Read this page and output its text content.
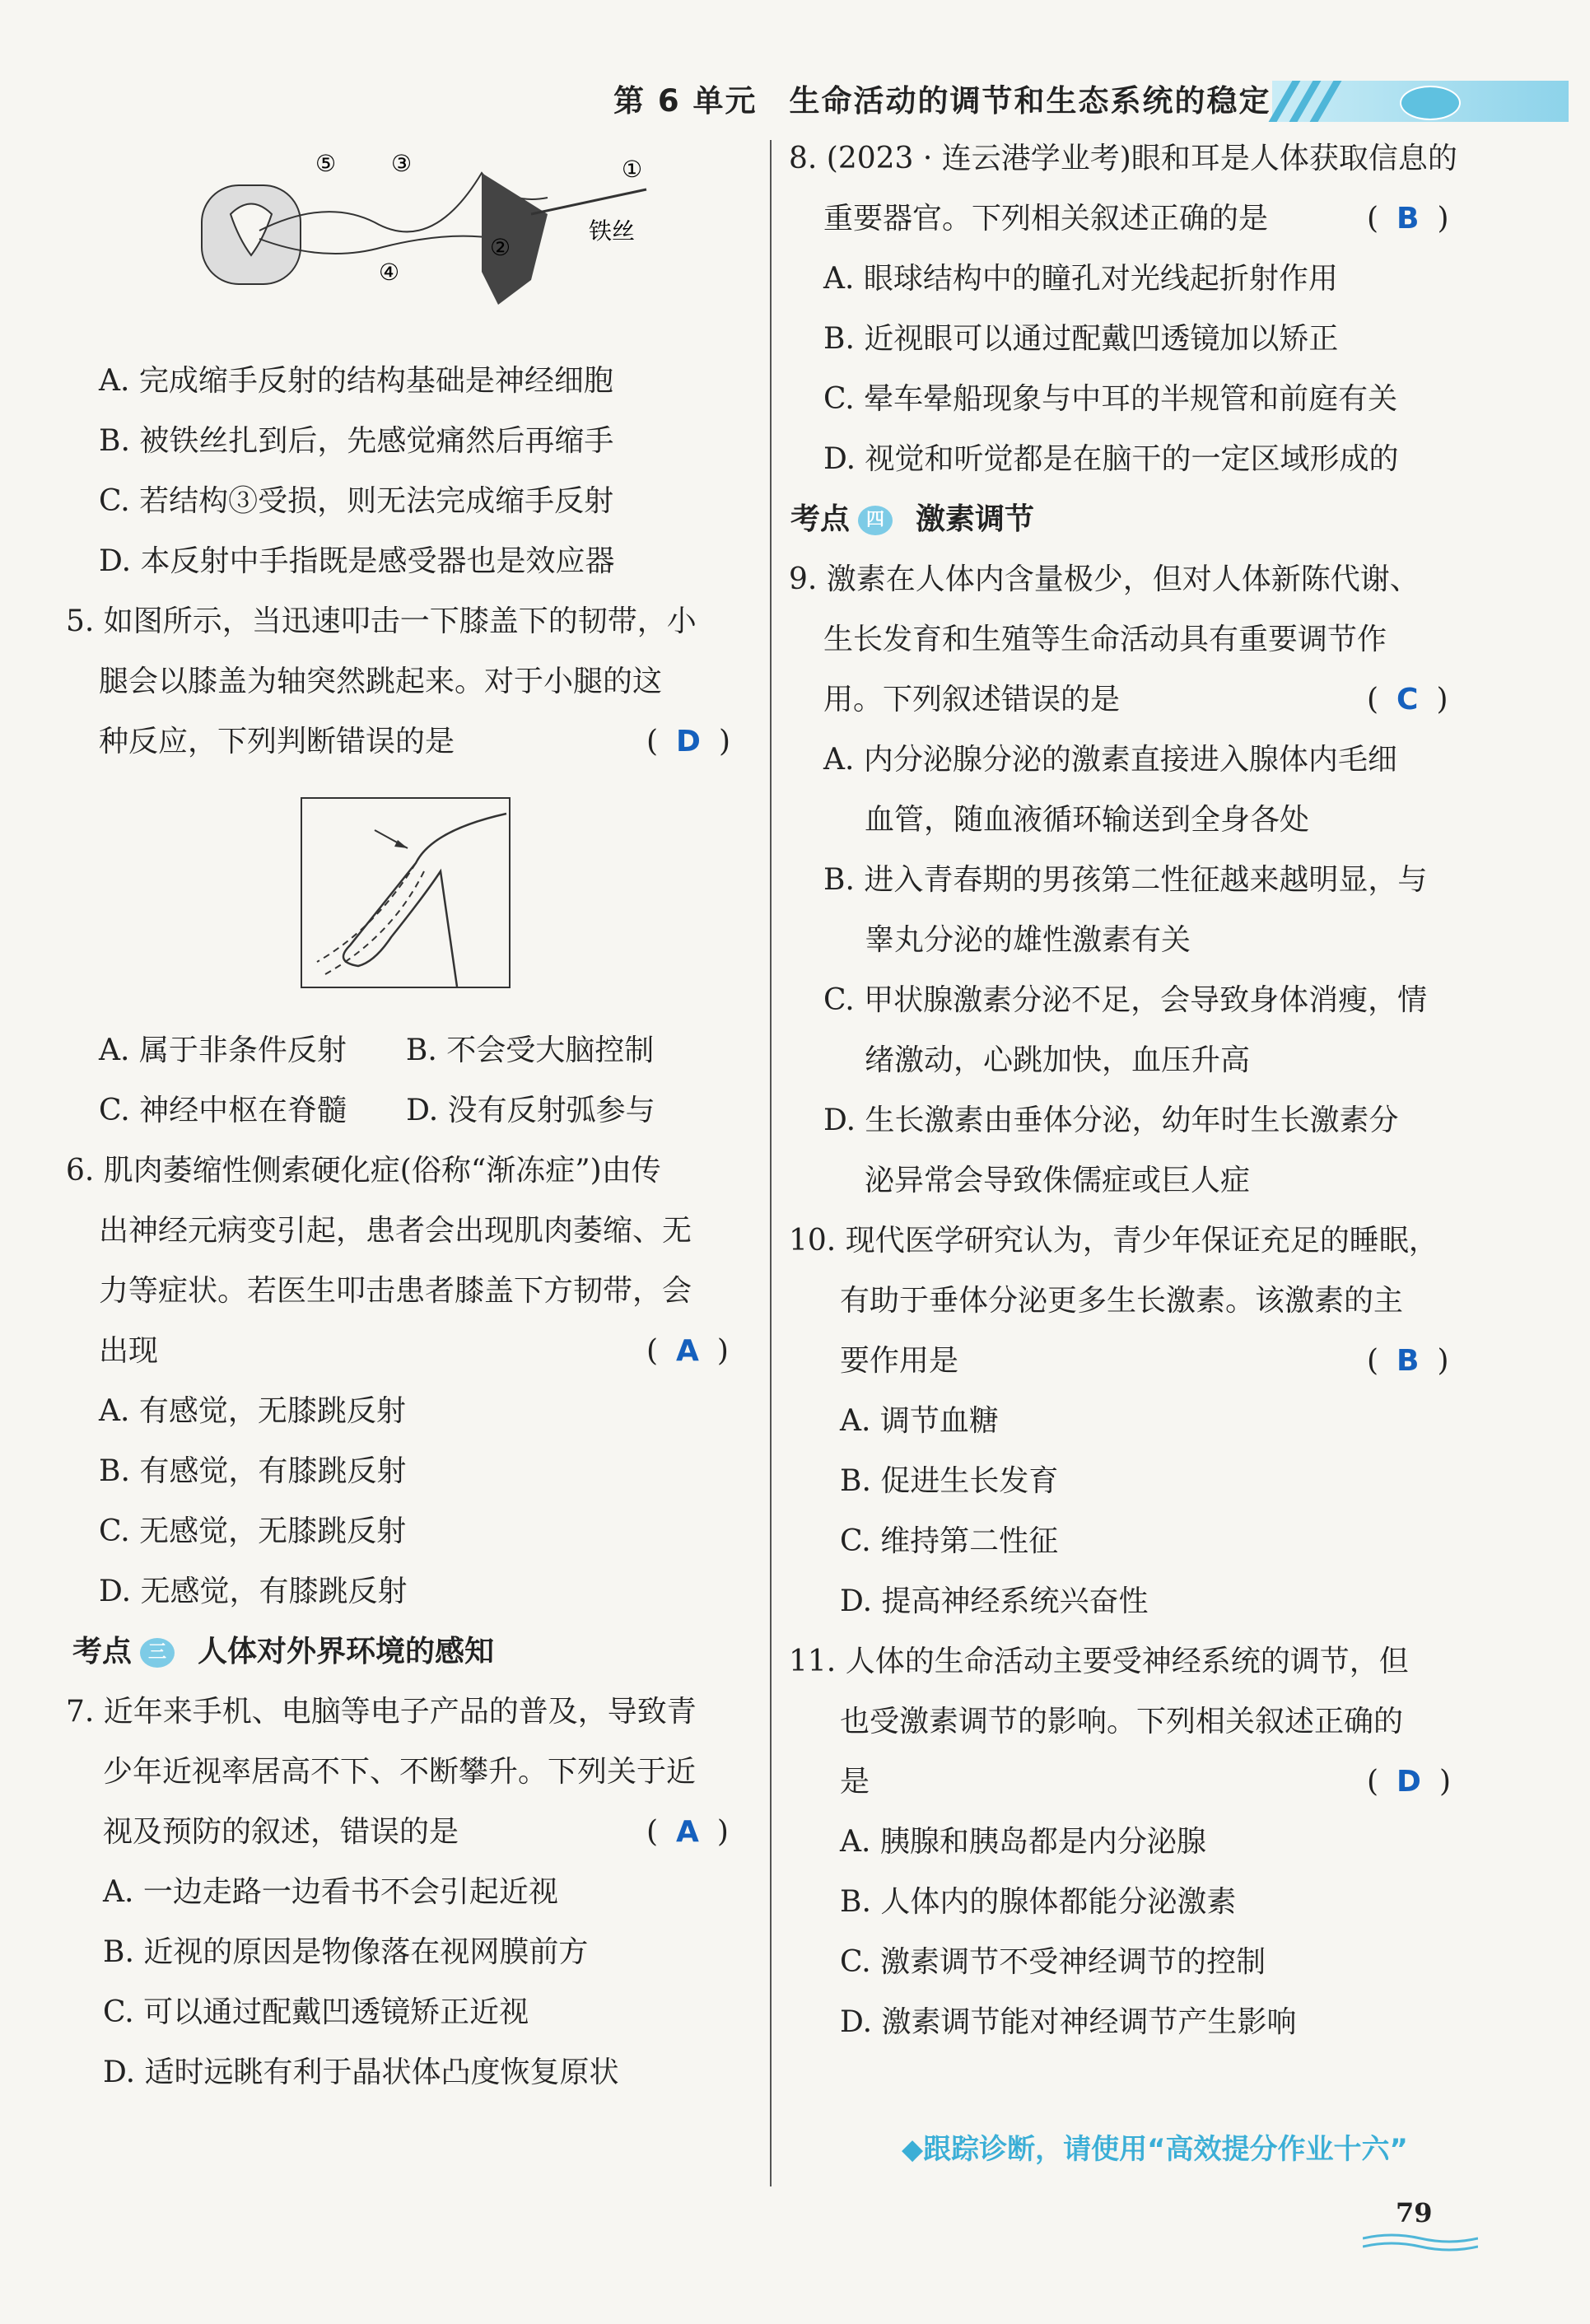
第 6 单元　生命活动的调节和生态系统的稳定
⑤ ③	①
②
④
铁丝
A. 完成缩手反射的结构基础是神经细胞
B. 被铁丝扎到后，先感觉痛然后再缩手
C. 若结构③受损，则无法完成缩手反射
D. 本反射中手指既是感受器也是效应器
5. 如图所示，当迅速叩击一下膝盖下的韧带，小
腿会以膝盖为轴突然跳起来。对于小腿的这
种反应，下列判断错误的是
A. 属于非条件反射　　B. 不会受大脑控制
C. 神经中枢在脊髓　　D. 没有反射弧参与
6. 肌肉萎缩性侧索硬化症(俗称“渐冻症”)由传
出神经元病变引起，患者会出现肌肉萎缩、无
力等症状。若医生叩击患者膝盖下方韧带，会
出现
A. 有感觉，无膝跳反射
B. 有感觉，有膝跳反射
C. 无感觉，无膝跳反射
D. 无感觉，有膝跳反射
7. 近年来手机、电脑等电子产品的普及，导致青
少年近视率居高不下、不断攀升。下列关于近
视及预防的叙述，错误的是
A. 一边走路一边看书不会引起近视
B. 近视的原因是物像落在视网膜前方
C. 可以通过配戴凹透镜矫正近视
D. 适时远眺有利于晶状体凸度恢复原状
( D )
( A )
( A )
8. (2023 · 连云港学业考)眼和耳是人体获取信息的
重要器官。下列相关叙述正确的是
A. 眼球结构中的瞳孔对光线起折射作用
B. 近视眼可以通过配戴凹透镜加以矫正
C. 晕车晕船现象与中耳的半规管和前庭有关
D. 视觉和听觉都是在脑干的一定区域形成的
9. 激素在人体内含量极少，但对人体新陈代谢、
生长发育和生殖等生命活动具有重要调节作
用。下列叙述错误的是
A. 内分泌腺分泌的激素直接进入腺体内毛细
血管，随血液循环输送到全身各处
B. 进入青春期的男孩第二性征越来越明显，与
睾丸分泌的雄性激素有关
C. 甲状腺激素分泌不足，会导致身体消瘦，情
绪激动，心跳加快，血压升高
D. 生长激素由垂体分泌，幼年时生长激素分
泌异常会导致侏儒症或巨人症
10. 现代医学研究认为，青少年保证充足的睡眠，
有助于垂体分泌更多生长激素。该激素的主
要作用是
A. 调节血糖
B. 促进生长发育
C. 维持第二性征
D. 提高神经系统兴奋性
11. 人体的生命活动主要受神经系统的调节，但
也受激素调节的影响。下列相关叙述正确的
是
A. 胰腺和胰岛都是内分泌腺
B. 人体内的腺体都能分泌激素
C. 激素调节不受神经调节的控制
D. 激素调节能对神经调节产生影响
( B )
( C )
( B )
( D )
考点 三 人体对外界环境的感知
考点 四 激素调节
◆跟踪诊断，请使用“高效提分作业十六”
79
